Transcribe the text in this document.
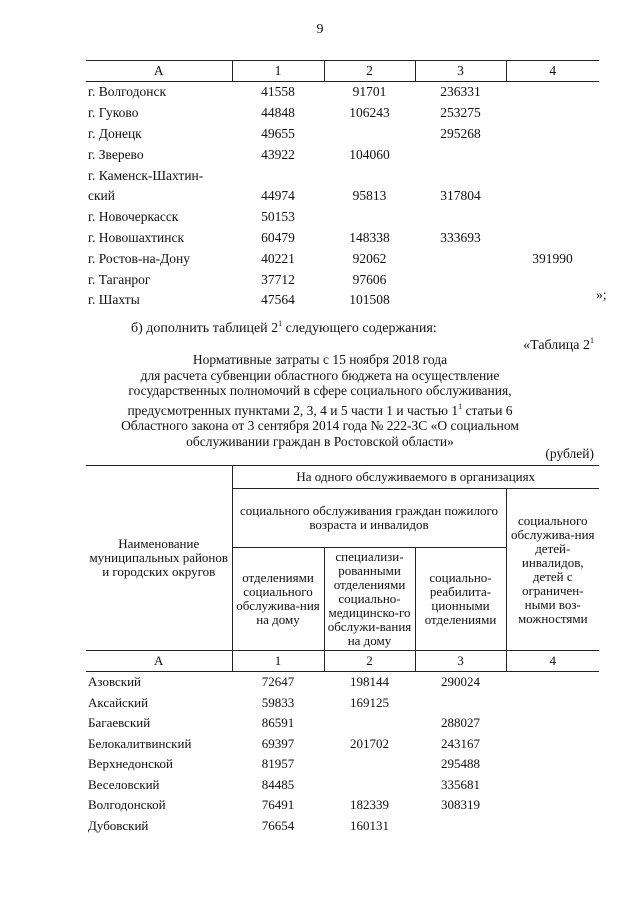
9
А	1	2	3	4
г. Волгодонск	41558	91701	236331	
г. Гуково	44848	106243	253275	
г. Донецк	49655		295268	
г. Зверево	43922	104060		
г. Каменск-Шахтин-				
ский	44974	95813	317804	
г. Новочеркасск	50153			
г. Новошахтинск	60479	148338	333693	
г. Ростов-на-Дону	40221	92062		391990
г. Таганрог	37712	97606		
г. Шахты	47564	101508			»;
б) дополнить таблицей $2^1$ следующего содержания:
«Таблица $2^1$
Нормативные затраты с 15 ноября 2018 года
для расчета субвенции областного бюджета на осуществление
государственных полномочий в сфере социального обслуживания,
предусмотренных пунктами 2, 3, 4 и 5 части 1 и частью $1^1$ статьи 6
Областного закона от 3 сентября 2014 года № 222-ЗС «О социальном
обслуживании граждан в Ростовской области»
(рублей)
Наименование муниципальных районов и городских округов	На одного обслуживаемого в организациях			
	социального обслуживания граждан пожилого возраста и инвалидов			социального обслужива-ния детей-инвалидов, детей с ограничен-ными воз-можностями
	отделениями социального обслужива-ния на дому	специализи-рованными отделениями социально-медицинско-го обслужи-вания на дому	социально-реабилита-ционными отделениями	
А	1	2	3	4
Азовский	72647	198144	290024	
Аксайский	59833	169125		
Багаевский	86591		288027	
Белокалитвинский	69397	201702	243167	
Верхнедонской	81957		295488	
Веселовский	84485		335681	
Волгодонской	76491	182339	308319	
Дубовский	76654	160131		
